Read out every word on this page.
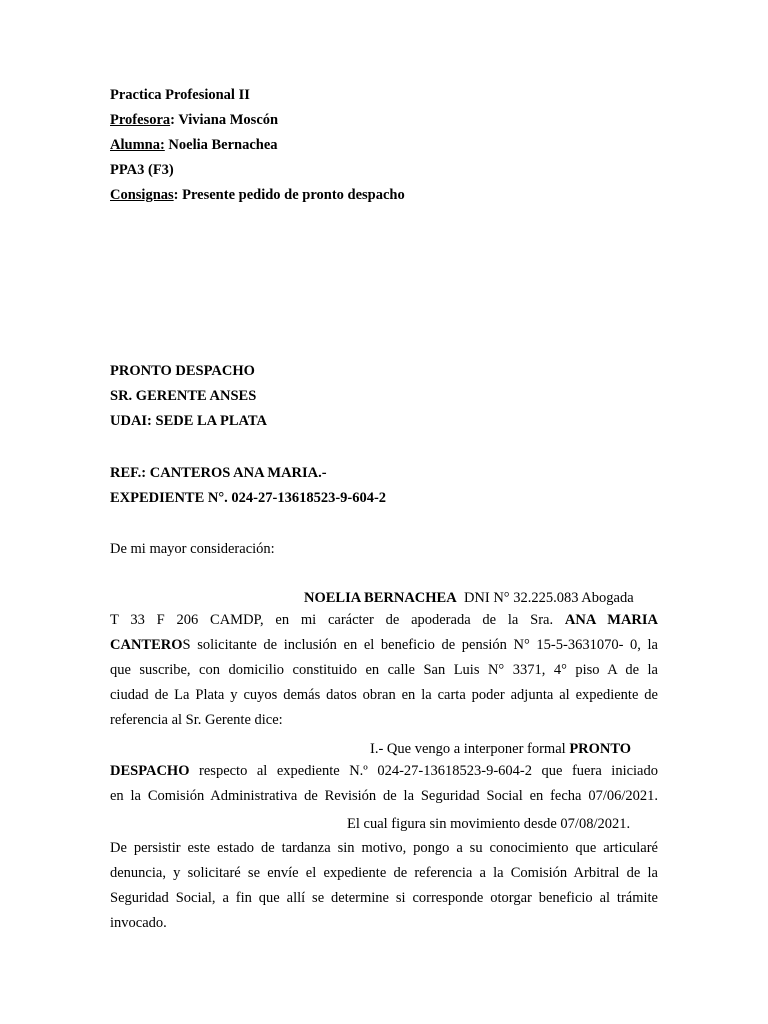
Practica Profesional II
Profesora: Viviana Moscón
Alumna: Noelia Bernachea
PPA3 (F3)
Consignas: Presente pedido de pronto despacho
PRONTO DESPACHO
SR. GERENTE ANSES
UDAI: SEDE LA PLATA
REF.: CANTEROS ANA MARIA.-
EXPEDIENTE N°. 024-27-13618523-9-604-2
De mi mayor consideración:
NOELIA BERNACHEA  DNI N° 32.225.083 Abogada
T 33 F 206 CAMDP, en mi carácter de apoderada de la Sra. ANA MARIA
CANTEROS solicitante de inclusión en el beneficio de pensión N° 15-5-3631070- 0, la
que suscribe, con domicilio constituido en calle San Luis N° 3371, 4° piso A de la
ciudad de La Plata y cuyos demás datos obran en la carta poder adjunta al expediente de
referencia al Sr. Gerente dice:
I.- Que vengo a interponer formal PRONTO
DESPACHO respecto al expediente N.º 024-27-13618523-9-604-2 que fuera iniciado
en la Comisión Administrativa de Revisión de la Seguridad Social en fecha 07/06/2021.
El cual figura sin movimiento desde 07/08/2021.
De persistir este estado de tardanza sin motivo, pongo a su conocimiento que articularé
denuncia, y solicitaré se envíe el expediente de referencia a la Comisión Arbitral de la
Seguridad Social, a fin que allí se determine si corresponde otorgar beneficio al trámite
invocado.
